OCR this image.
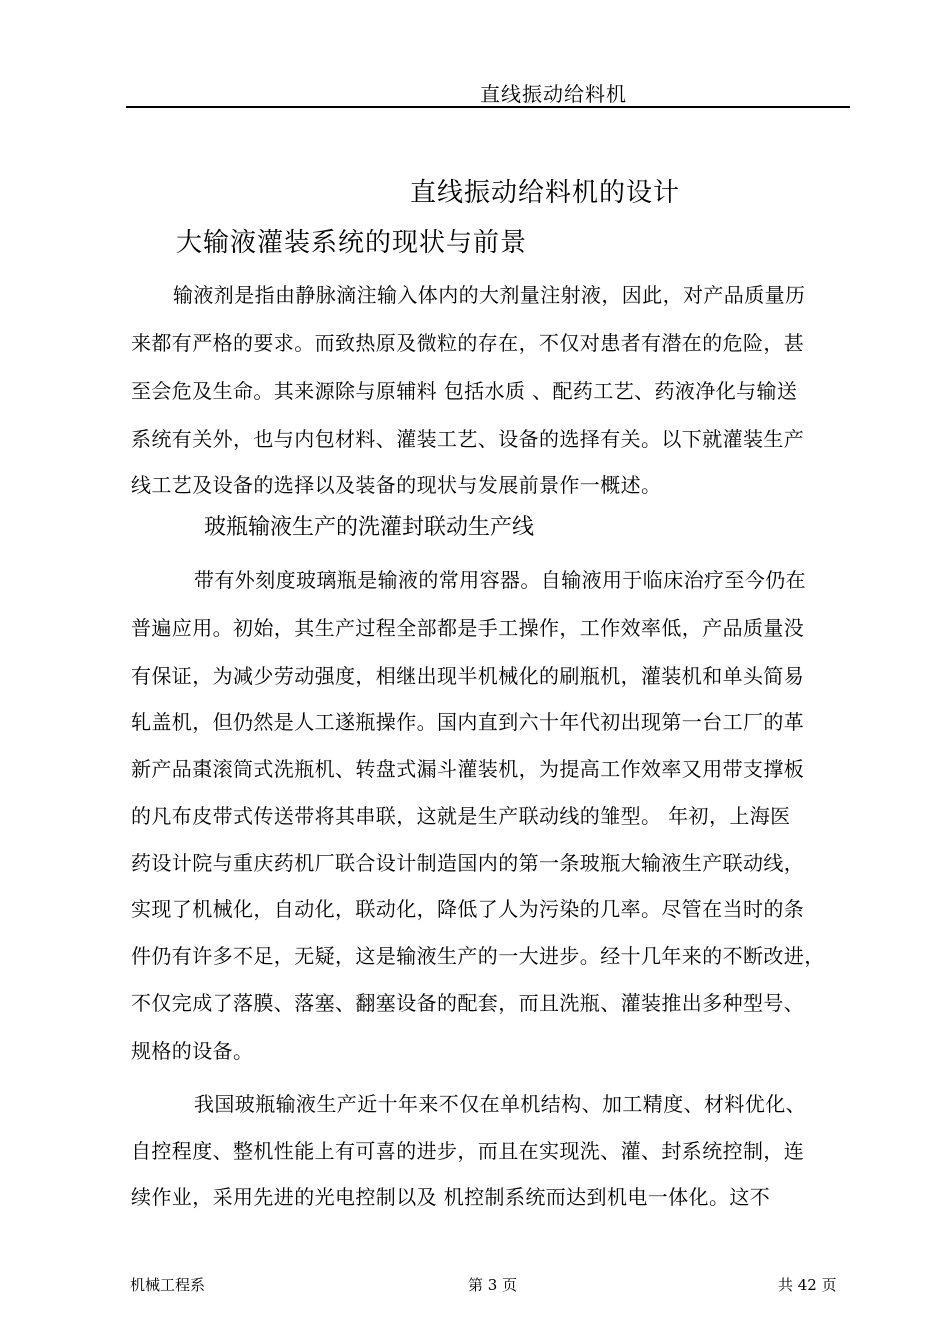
直线振动给料机
直线振动给料机的设计
大输液灌装系统的现状与前景
输液剂是指由静脉滴注输入体内的大剂量注射液，因此，对产品质量历
来都有严格的要求。而致热原及微粒的存在，不仅对患者有潜在的危险，甚
至会危及生命。其来源除与原辅料 包括水质 、配药工艺、药液净化与输送
系统有关外，也与内包材料、灌装工艺、设备的选择有关。以下就灌装生产
线工艺及设备的选择以及装备的现状与发展前景作一概述。
玻瓶输液生产的洗灌封联动生产线
带有外刻度玻璃瓶是输液的常用容器。自输液用于临床治疗至今仍在
普遍应用。初始，其生产过程全部都是手工操作，工作效率低，产品质量没
有保证，为减少劳动强度，相继出现半机械化的刷瓶机，灌装机和单头简易
轧盖机，但仍然是人工遂瓶操作。国内直到六十年代初出现第一台工厂的革
新产品棗滚筒式洗瓶机、转盘式漏斗灌装机，为提高工作效率又用带支撑板
的凡布皮带式传送带将其串联，这就是生产联动线的雏型。 年初，上海医
药设计院与重庆药机厂联合设计制造国内的第一条玻瓶大输液生产联动线，
实现了机械化，自动化，联动化，降低了人为污染的几率。尽管在当时的条
件仍有许多不足，无疑，这是输液生产的一大进步。经十几年来的不断改进，
不仅完成了落膜、落塞、翻塞设备的配套，而且洗瓶、灌装推出多种型号、
规格的设备。
我国玻瓶输液生产近十年来不仅在单机结构、加工精度、材料优化、
自控程度、整机性能上有可喜的进步，而且在实现洗、灌、封系统控制，连
续作业，采用先进的光电控制以及 机控制系统而达到机电一体化。这不
机械工程系	第 3 页	共 42 页
